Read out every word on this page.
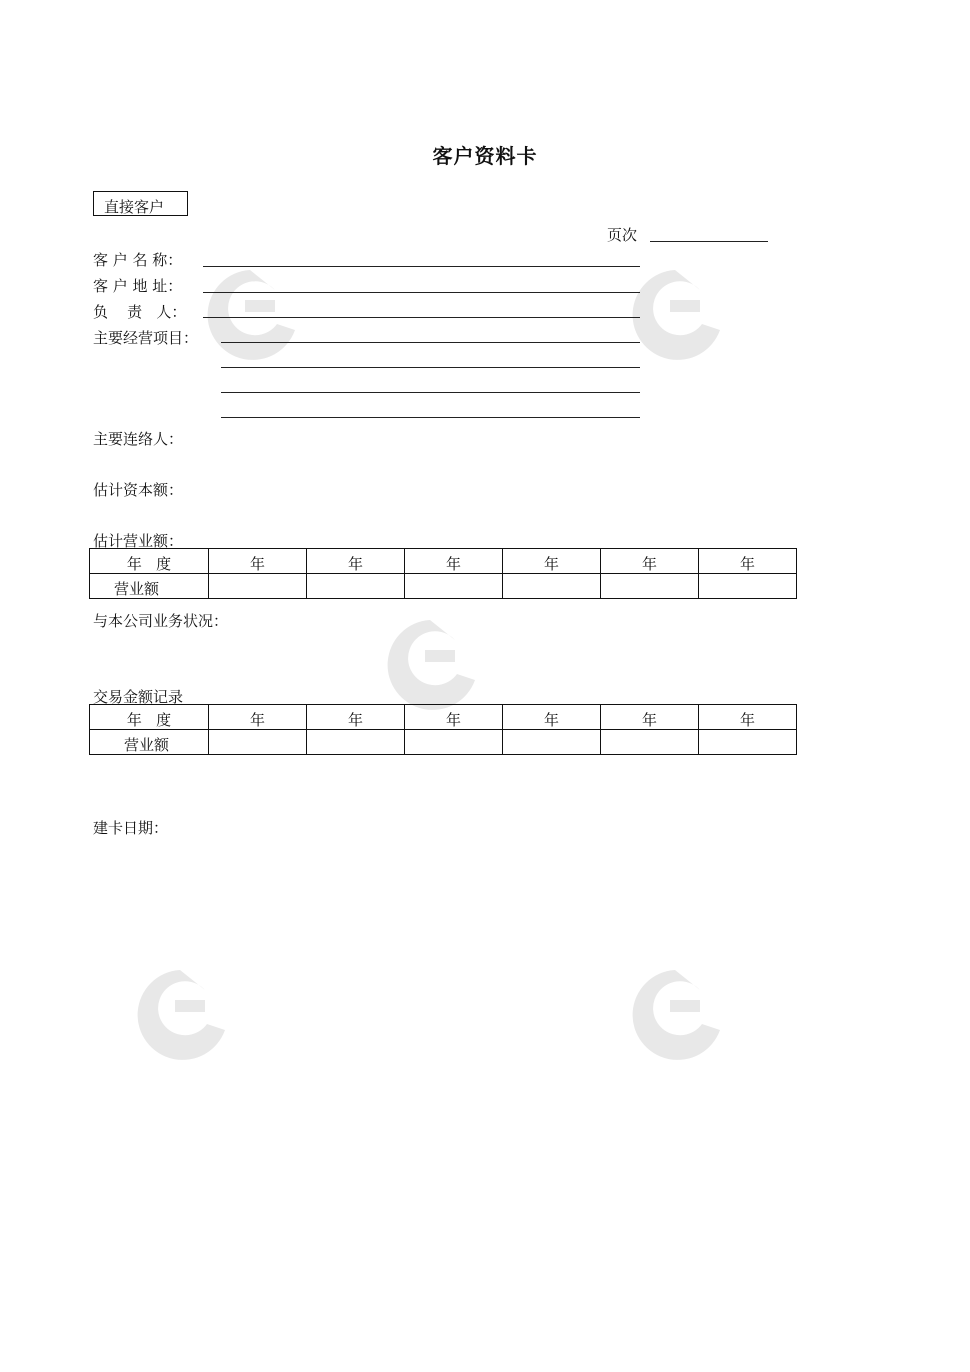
客户资料卡
直接客户
页次
客 户 名 称：
客 户 地 址：
负    责   人：
主要经营项目：
主要连络人：
估计资本额：
估计营业额：
年   度	年	年	年	年	年	年
营业额						
与本公司业务状况：
交易金额记录
年   度	年	年	年	年	年	年
营业额						
建卡日期：
